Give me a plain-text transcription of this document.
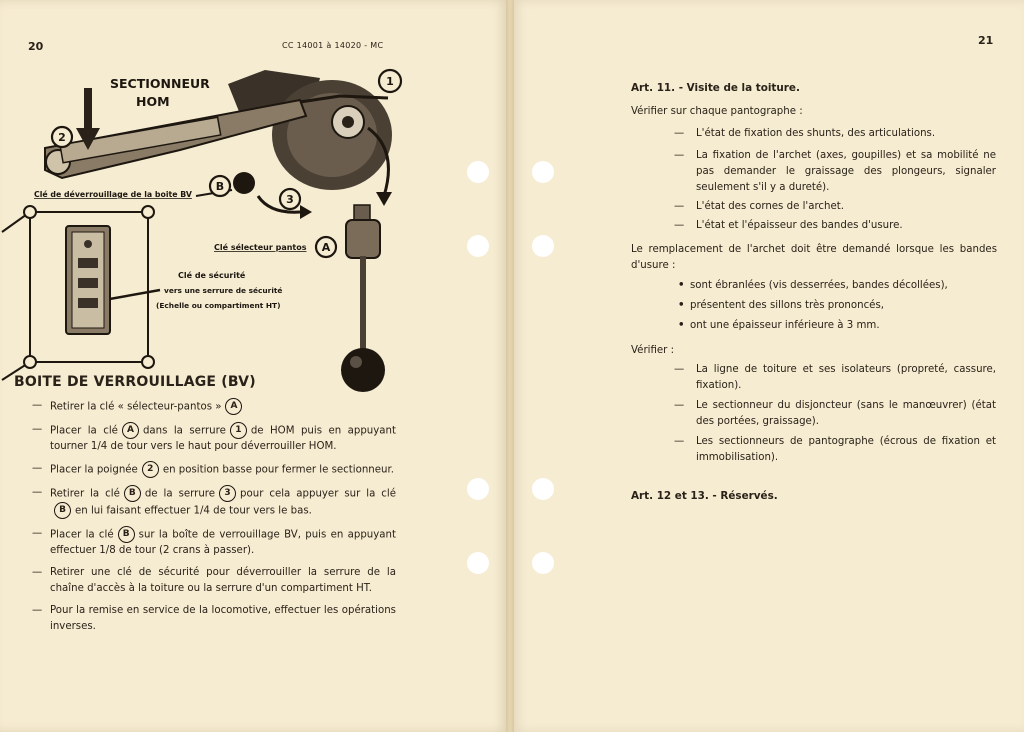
20	CC 14001 à 14020 - MC
1
2
3
A
B
SECTIONNEUR
HOM
Clé de déverrouillage de la boite BV
Clé sélecteur pantos
Clé de sécurité
vers une serrure de sécurité
(Echelle ou compartiment HT)
BOITE DE VERROUILLAGE (BV)
— Retirer la clé « sélecteur-pantos » A
— Placer la clé A dans la serrure 1 de HOM puis en appuyant tourner 1/4 de tour vers le haut pour déverrouiller HOM.
— Placer la poignée 2 en position basse pour fermer le sectionneur.
— Retirer la clé B de la serrure 3 pour cela appuyer sur la cléB en lui faisant effectuer 1/4 de tour vers le bas.
— Placer la clé B sur la boîte de verrouillage BV, puis en appuyant effectuer 1/8 de tour (2 crans à passer).
— Retirer une clé de sécurité pour déverrouiller la serrure de la chaîne d'accès à la toiture ou la serrure d'un compartiment HT.
— Pour la remise en service de la locomotive, effectuer les opérations inverses.
21
Art. 11. - Visite de la toiture.
Vérifier sur chaque pantographe :
—	L'état de fixation des shunts, des articulations.
—	La fixation de l'archet (axes, goupilles) et sa mobilité ne pas demander le graissage des plongeurs, signaler seulement s'il y a dureté).
—	L'état des cornes de l'archet.
—	L'état et l'épaisseur des bandes d'usure.
Le remplacement de l'archet doit être demandé lorsque les bandes d'usure :
• sont ébranlées (vis desserrées, bandes décollées),
• présentent des sillons très prononcés,
• ont une épaisseur inférieure à 3 mm.
Vérifier :
—	La ligne de toiture et ses isolateurs (propreté, cassure, fixation).
—	Le sectionneur du disjoncteur (sans le manœuvrer) (état des portées, graissage).
—	Les sectionneurs de pantographe (écrous de fixation et immobilisation).
Art. 12 et 13. - Réservés.
